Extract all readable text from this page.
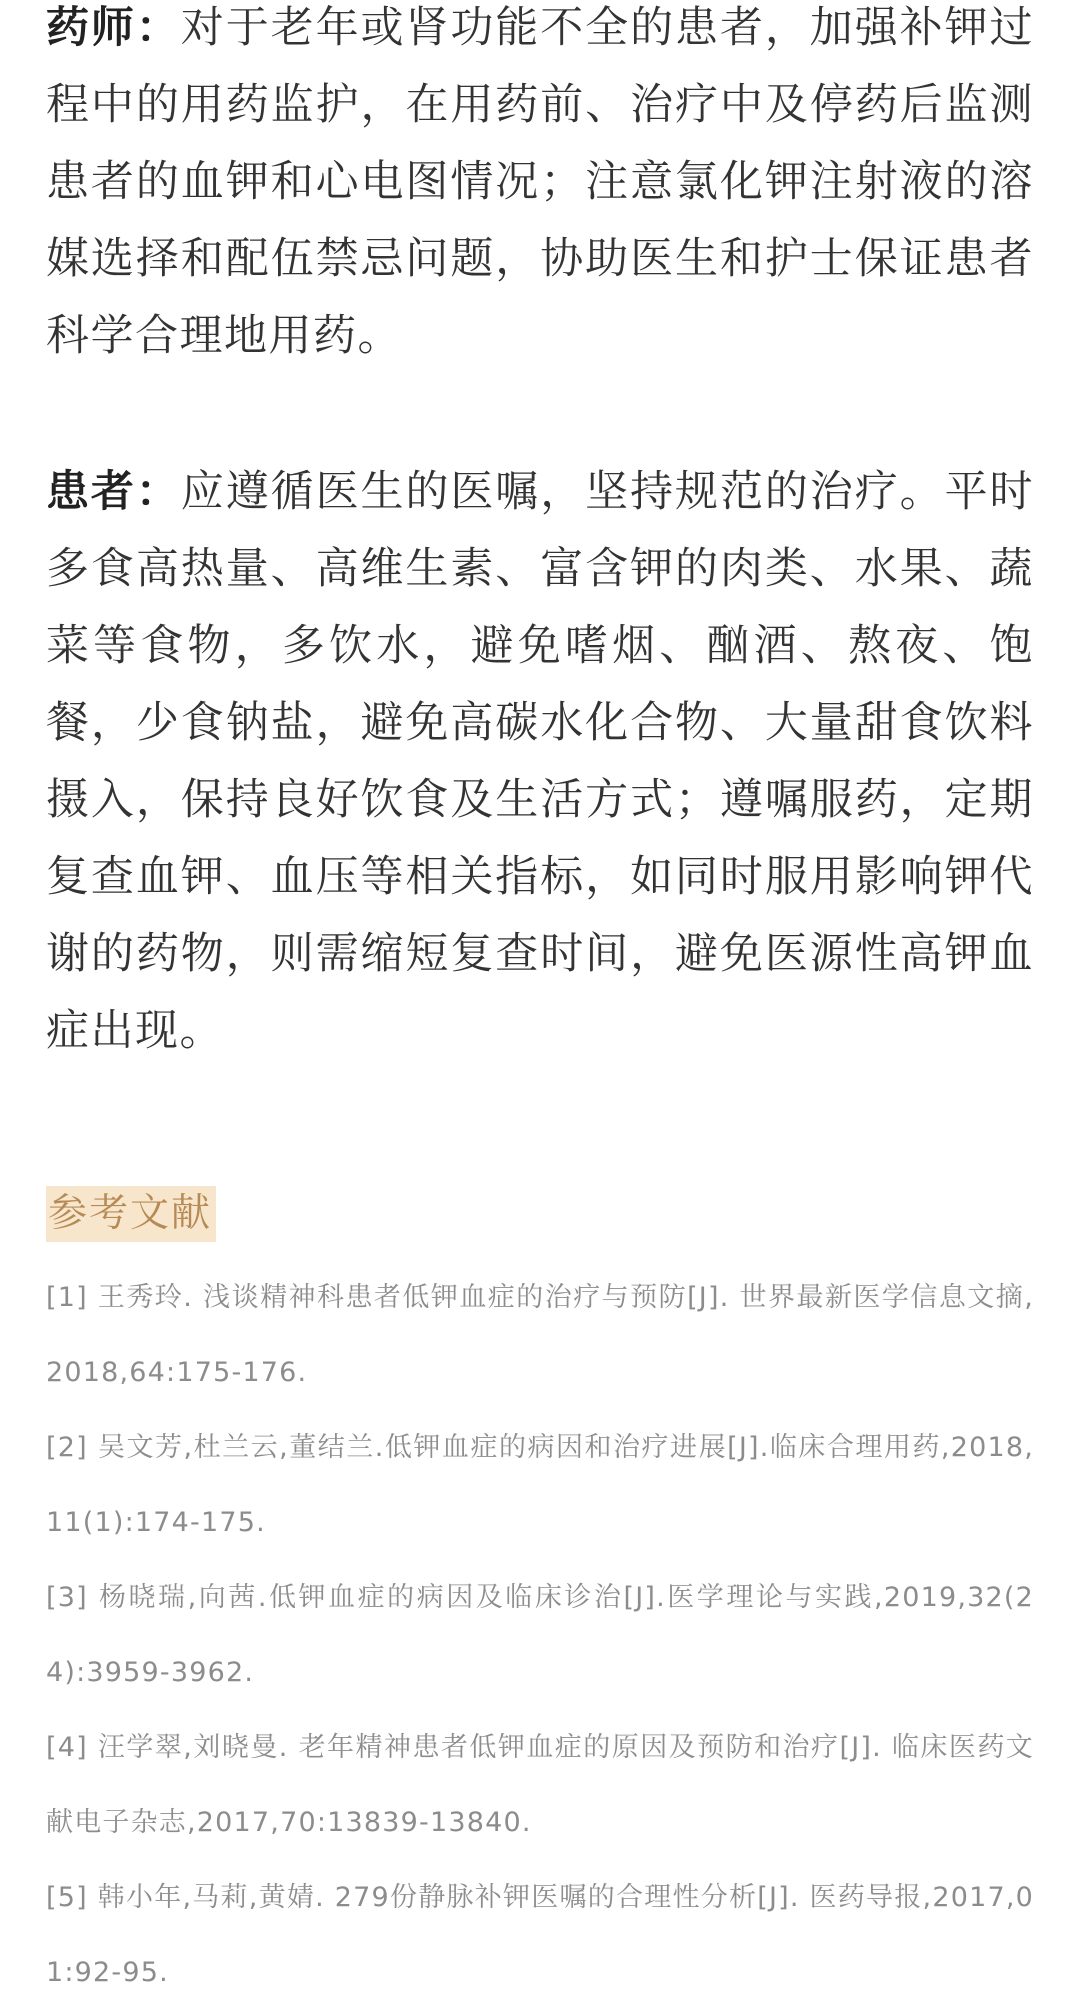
药师：对于老年或肾功能不全的患者，加强补钾过程中的用药监护，在用药前、治疗中及停药后监测患者的血钾和心电图情况；注意氯化钾注射液的溶媒选择和配伍禁忌问题，协助医生和护士保证患者科学合理地用药。

患者：应遵循医生的医嘱，坚持规范的治疗。平时多食高热量、高维生素、富含钾的肉类、水果、蔬菜等食物，多饮水，避免嗜烟、酗酒、熬夜、饱餐，少食钠盐，避免高碳水化合物、大量甜食饮料摄入，保持良好饮食及生活方式；遵嘱服药，定期复查血钾、血压等相关指标，如同时服用影响钾代谢的药物，则需缩短复查时间，避免医源性高钾血症出现。

参考文献
[1] 王秀玲. 浅谈精神科患者低钾血症的治疗与预防[J]. 世界最新医学信息文摘,2018,64:175-176.
[2] 吴文芳,杜兰云,董结兰.低钾血症的病因和治疗进展[J].临床合理用药,2018,11(1):174-175.
[3] 杨晓瑞,向茜.低钾血症的病因及临床诊治[J].医学理论与实践,2019,32(24):3959-3962.
[4] 汪学翠,刘晓曼. 老年精神患者低钾血症的原因及预防和治疗[J]. 临床医药文献电子杂志,2017,70:13839-13840.
[5] 韩小年,马莉,黄婧. 279份静脉补钾医嘱的合理性分析[J]. 医药导报,2017,01:92-95.
